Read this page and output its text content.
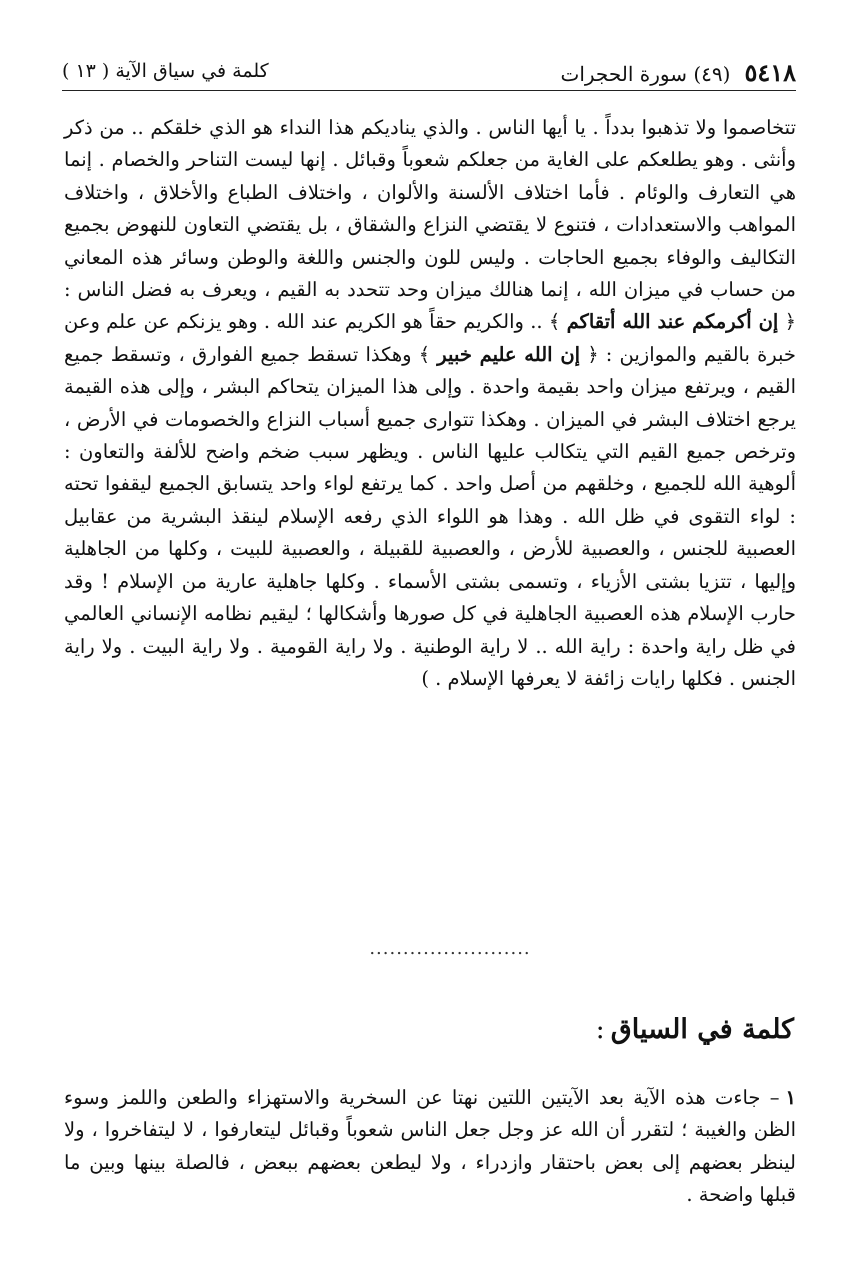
٥٤١٨
(٤٩) سورة الحجرات
كلمة في سياق الآية ( ١٣ )

تتخاصموا ولا تذهبوا بدداً . يا أيها الناس . والذي يناديكم هذا النداء هو الذي خلقكم .. من ذكر وأنثى . وهو يطلعكم على الغاية من جعلكم شعوباً وقبائل . إنها ليست التناحر والخصام . إنما هي التعارف والوئام . فأما اختلاف الألسنة والألوان ، واختلاف الطباع والأخلاق ، واختلاف المواهب والاستعدادات ، فتنوع لا يقتضي النزاع والشقاق ، بل يقتضي التعاون للنهوض بجميع التكاليف والوفاء بجميع الحاجات . وليس للون والجنس واللغة والوطن وسائر هذه المعاني من حساب في ميزان الله ، إنما هنالك ميزان وحد تتحدد به القيم ، ويعرف به فضل الناس : ﴿ إن أكرمكم عند الله أتقاكم ﴾ .. والكريم حقاً هو الكريم عند الله . وهو يزنكم عن علم وعن خبرة بالقيم والموازين : ﴿ إن الله عليم خبير ﴾ وهكذا تسقط جميع الفوارق ، وتسقط جميع القيم ، ويرتفع ميزان واحد بقيمة واحدة . وإلى هذا الميزان يتحاكم البشر ، وإلى هذه القيمة يرجع اختلاف البشر في الميزان . وهكذا تتوارى جميع أسباب النزاع والخصومات في الأرض ، وترخص جميع القيم التي يتكالب عليها الناس . ويظهر سبب ضخم واضح للألفة والتعاون : ألوهية الله للجميع ، وخلقهم من أصل واحد . كما يرتفع لواء واحد يتسابق الجميع ليقفوا تحته : لواء التقوى في ظل الله . وهذا هو اللواء الذي رفعه الإسلام لينقذ البشرية من عقابيل العصبية للجنس ، والعصبية للأرض ، والعصبية للقبيلة ، والعصبية للبيت ، وكلها من الجاهلية وإليها ، تتزيا بشتى الأزياء ، وتسمى بشتى الأسماء . وكلها جاهلية عارية من الإسلام ! وقد حارب الإسلام هذه العصبية الجاهلية في كل صورها وأشكالها ؛ ليقيم نظامه الإنساني العالمي في ظل راية واحدة : راية الله .. لا راية الوطنية . ولا راية القومية . ولا راية البيت . ولا راية الجنس . فكلها رايات زائفة لا يعرفها الإسلام . )

........................
كلمة في السياق:

١– جاءت هذه الآية بعد الآيتين اللتين نهتا عن السخرية والاستهزاء والطعن واللمز وسوء الظن والغيبة ؛ لتقرر أن الله عز وجل جعل الناس شعوباً وقبائل ليتعارفوا ، لا ليتفاخروا ، ولا لينظر بعضهم إلى بعض باحتقار وازدراء ، ولا ليطعن بعضهم ببعض ، فالصلة بينها وبين ما قبلها واضحة .
